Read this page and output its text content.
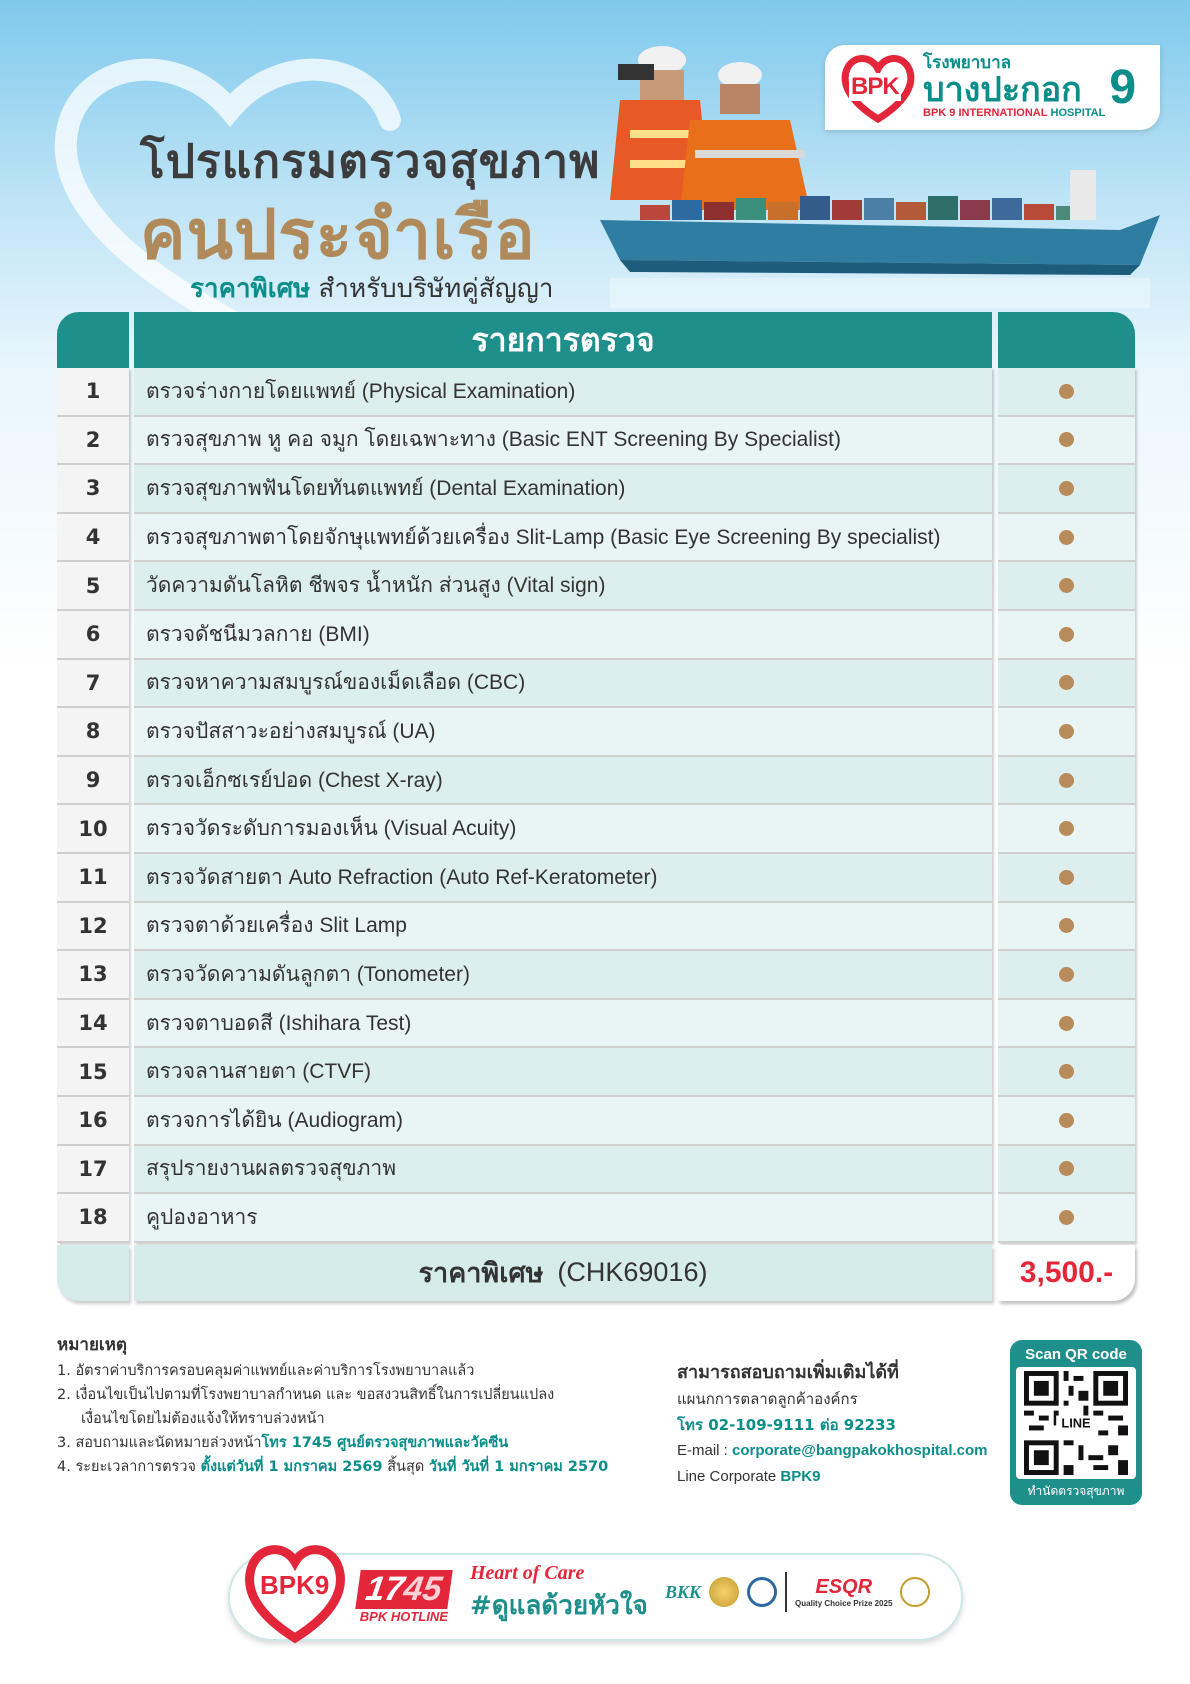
BPK
โรงพยาบาล
บางปะกอก
BPK 9 INTERNATIONAL HOSPITAL 9
โปรแกรมตรวจสุขภาพ
คนประจำเรือ
ราคาพิเศษ สำหรับบริษัทคู่สัญญา
รายการตรวจ
1	ตรวจร่างกายโดยแพทย์ (Physical Examination)
2	ตรวจสุขภาพ หู คอ จมูก โดยเฉพาะทาง (Basic ENT Screening By Specialist)
3	ตรวจสุขภาพฟันโดยทันตแพทย์ (Dental Examination)
4	ตรวจสุขภาพตาโดยจักษุแพทย์ด้วยเครื่อง Slit-Lamp (Basic Eye Screening By specialist)
5	วัดความดันโลหิต ชีพจร น้ำหนัก ส่วนสูง (Vital sign)
6	ตรวจดัชนีมวลกาย (BMI)
7	ตรวจหาความสมบูรณ์ของเม็ดเลือด (CBC)
8	ตรวจปัสสาวะอย่างสมบูรณ์ (UA)
9	ตรวจเอ็กซเรย์ปอด (Chest X-ray)
10	ตรวจวัดระดับการมองเห็น (Visual Acuity)
11	ตรวจวัดสายตา Auto Refraction (Auto Ref-Keratometer)
12	ตรวจตาด้วยเครื่อง Slit Lamp
13	ตรวจวัดความดันลูกตา (Tonometer)
14	ตรวจตาบอดสี (Ishihara Test)
15	ตรวจลานสายตา (CTVF)
16	ตรวจการได้ยิน (Audiogram)
17	สรุปรายงานผลตรวจสุขภาพ
18	คูปองอาหาร
ราคาพิเศษ (CHK69016)	3,500.-
หมายเหตุ
1. อัตราค่าบริการครอบคลุมค่าแพทย์และค่าบริการโรงพยาบาลแล้ว
2. เงื่อนไขเป็นไปตามที่โรงพยาบาลกำหนด และ ขอสงวนสิทธิ์ในการเปลี่ยนแปลง
เงื่อนไขโดยไม่ต้องแจ้งให้ทราบล่วงหน้า
3. สอบถามและนัดหมายล่วงหน้าโทร 1745 ศูนย์ตรวจสุขภาพและวัคซีน
4. ระยะเวลาการตรวจ ตั้งแต่วันที่ 1 มกราคม 2569 สิ้นสุด วันที่ วันที่ 1 มกราคม 2570
สามารถสอบถามเพิ่มเติมได้ที่
แผนกการตลาดลูกค้าองค์กร
โทร 02-109-9111 ต่อ 92233
E-mail : corporate@bangpakokhospital.com
Line Corporate BPK9
Scan QR code
LINE
ทำนัดตรวจสุขภาพ
BPK9 1745
BPK HOTLINE
Heart of Care
#ดูแลด้วยหัวใจ BKK	ESQR
Quality Choice Prize 2025
